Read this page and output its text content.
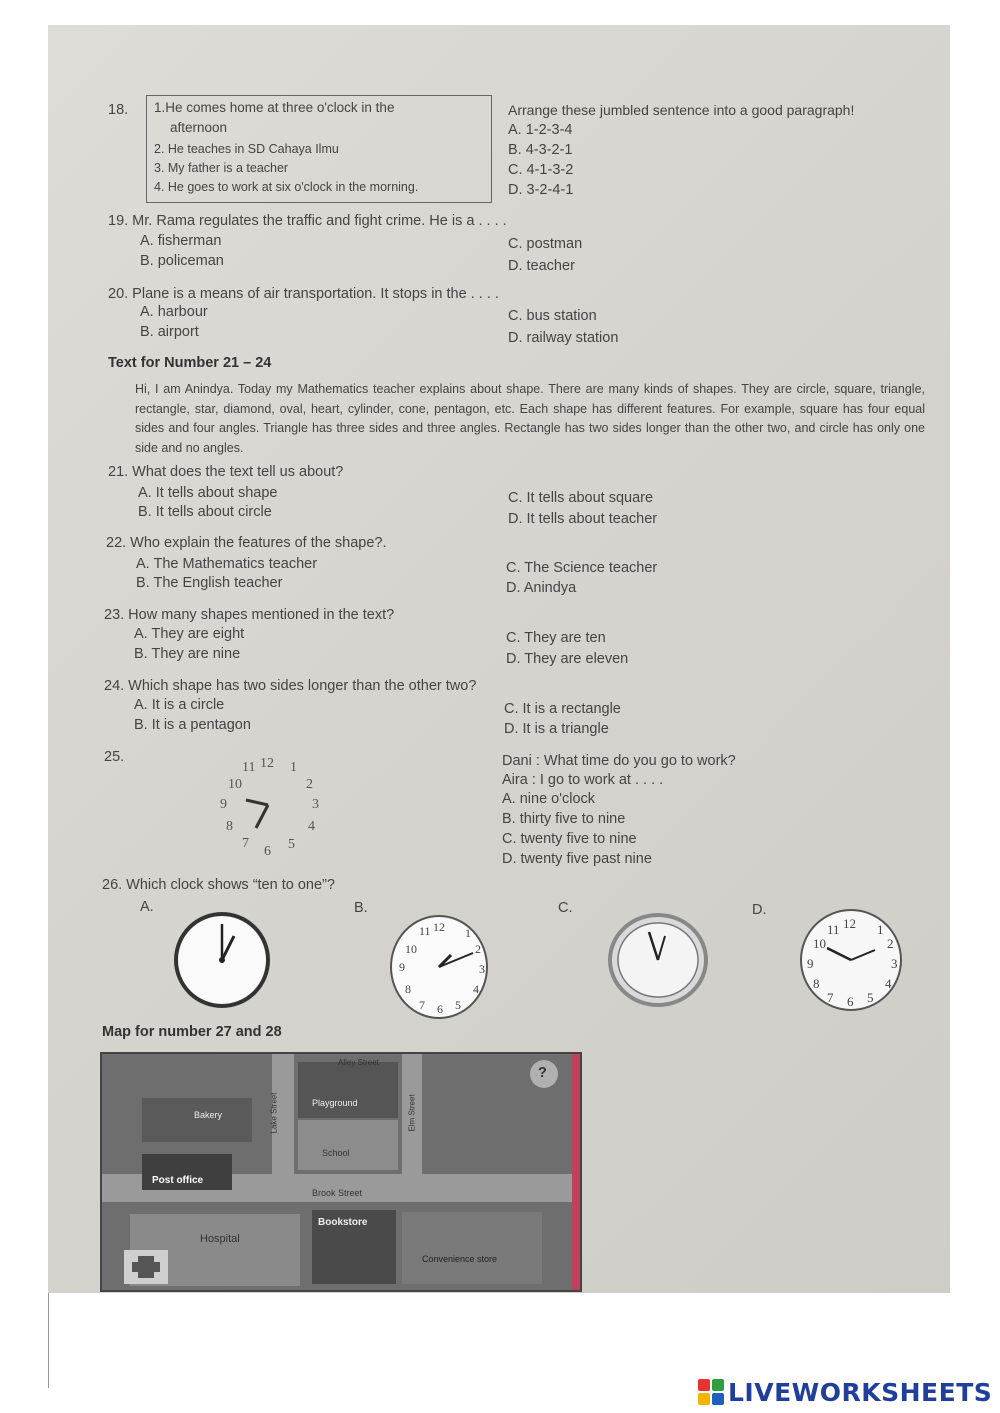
18. 1.He comes home at three o'clock in the
afternoon
2. He teaches in SD Cahaya Ilmu
3. My father is a teacher
4. He goes to work at six o'clock in the morning.
Arrange these jumbled sentence into a good paragraph!
A. 1-2-3-4
B. 4-3-2-1
C. 4-1-3-2
D. 3-2-4-1
19. Mr. Rama regulates the traffic and fight crime. He is a . . . .
A. fisherman
B. policeman
C. postman
D. teacher
20. Plane is a means of air transportation. It stops in the . . . .
A. harbour
B. airport
C. bus station
D. railway station
Text for Number 21 – 24
Hi, I am Anindya. Today my Mathematics teacher explains about shape. There are many kinds of shapes. They are circle, square, triangle, rectangle, star, diamond, oval, heart, cylinder, cone, pentagon, etc. Each shape has different features. For example, square has four equal sides and four angles. Triangle has three sides and three angles. Rectangle has two sides longer than the other two, and circle has only one side and no angles.
21. What does the text tell us about?
A. It tells about shape
B. It tells about circle
C. It tells about square
D. It tells about teacher
22. Who explain the features of the shape?.
A. The Mathematics teacher
B. The English teacher
C. The Science teacher
D. Anindya
23. How many shapes mentioned in the text?
A. They are eight
B. They are nine
C. They are ten
D. They are eleven
24. Which shape has two sides longer than the other two?
A. It is a circle
B. It is a pentagon
C. It is a rectangle
D. It is a triangle
25.	12
11 1
10	2
9	3
8	4
7
6 5
Dani : What time do you go to work?
Aira : I go to work at . . . .
A. nine o'clock
B. thirty five to nine
C. twenty five to nine
D. twenty five past nine
26. Which clock shows “ten to one”?
A.	B.	C.	D.
12
11	1
10	2
9	3
8	4
7 6 5
12
11	1
10	2
9	3
8	4
7 6 5
Map for number 27 and 28
Bakery
Playground
School
Post office
Brook Street
Hospital
Bookstore
Convenience store
?
Lake Street	Elm Street
Alley Street
LIVEWORKSHEETS
